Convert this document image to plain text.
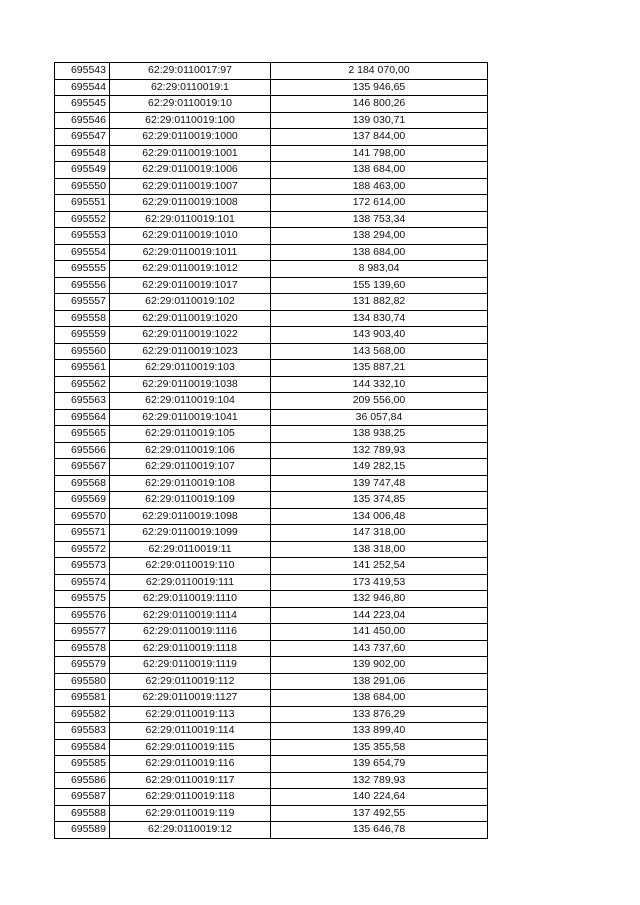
695543	62:29:0110017:97	2 184 070,00
695544	62:29:0110019:1	135 946,65
695545	62:29:0110019:10	146 800,26
695546	62:29:0110019:100	139 030,71
695547	62:29:0110019:1000	137 844,00
695548	62:29:0110019:1001	141 798,00
695549	62:29:0110019:1006	138 684,00
695550	62:29:0110019:1007	188 463,00
695551	62:29:0110019:1008	172 614,00
695552	62:29:0110019:101	138 753,34
695553	62:29:0110019:1010	138 294,00
695554	62:29:0110019:1011	138 684,00
695555	62:29:0110019:1012	8 983,04
695556	62:29:0110019:1017	155 139,60
695557	62:29:0110019:102	131 882,82
695558	62:29:0110019:1020	134 830,74
695559	62:29:0110019:1022	143 903,40
695560	62:29:0110019:1023	143 568,00
695561	62:29:0110019:103	135 887,21
695562	62:29:0110019:1038	144 332,10
695563	62:29:0110019:104	209 556,00
695564	62:29:0110019:1041	36 057,84
695565	62:29:0110019:105	138 938,25
695566	62:29:0110019:106	132 789,93
695567	62:29:0110019:107	149 282,15
695568	62:29:0110019:108	139 747,48
695569	62:29:0110019:109	135 374,85
695570	62:29:0110019:1098	134 006,48
695571	62:29:0110019:1099	147 318,00
695572	62:29:0110019:11	138 318,00
695573	62:29:0110019:110	141 252,54
695574	62:29:0110019:111	173 419,53
695575	62:29:0110019:1110	132 946,80
695576	62:29:0110019:1114	144 223,04
695577	62:29:0110019:1116	141 450,00
695578	62:29:0110019:1118	143 737,60
695579	62:29:0110019:1119	139 902,00
695580	62:29:0110019:112	138 291,06
695581	62:29:0110019:1127	138 684,00
695582	62:29:0110019:113	133 876,29
695583	62:29:0110019:114	133 899,40
695584	62:29:0110019:115	135 355,58
695585	62:29:0110019:116	139 654,79
695586	62:29:0110019:117	132 789,93
695587	62:29:0110019:118	140 224,64
695588	62:29:0110019:119	137 492,55
695589	62:29:0110019:12	135 646,78
